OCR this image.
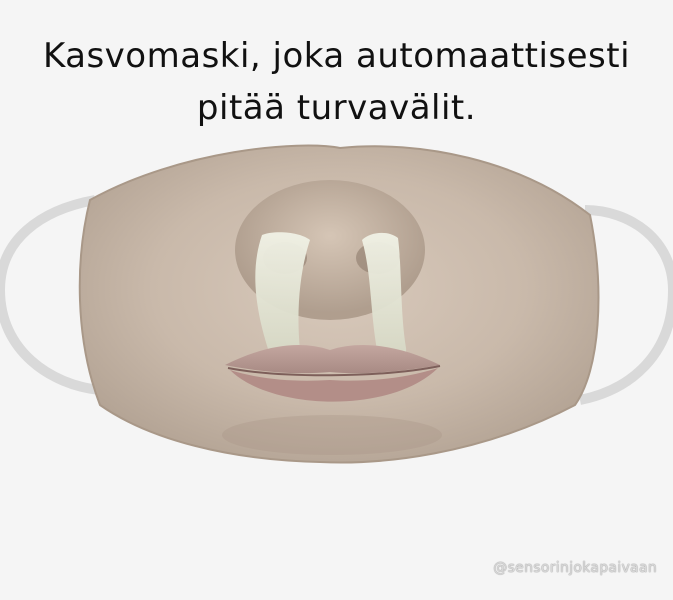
Kasvomaski, joka automaattisesti
pitää turvavälit.
@sensorinjokapaivaan
